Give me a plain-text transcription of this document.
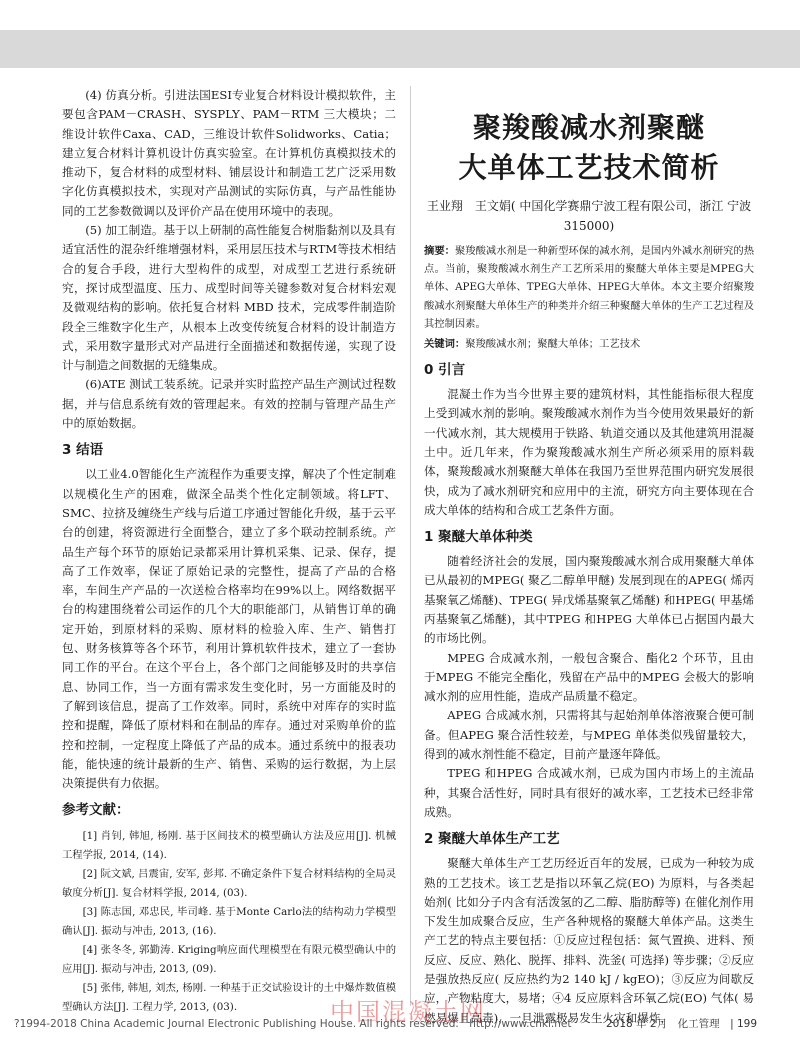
(4) 仿真分析。引进法国ESI专业复合材料设计模拟软件，主要包含PAM－CRASH、SYSPLY、PAM－RTM 三大模块；二维设计软件Caxa、CAD，三维设计软件Solidworks、Catia；建立复合材料计算机设计仿真实验室。在计算机仿真模拟技术的推动下，复合材料的成型材料、铺层设计和制造工艺广泛采用数字化仿真模拟技术，实现对产品测试的实际仿真，与产品性能协同的工艺参数微调以及评价产品在使用环境中的表现。

(5) 加工制造。基于以上研制的高性能复合树脂黏剂以及具有适宜活性的混杂纤维增强材料，采用层压技术与RTM等技术相结合的复合手段，进行大型构件的成型，对成型工艺进行系统研究，探讨成型温度、压力、成型时间等关键参数对复合材料宏观及微观结构的影响。依托复合材料 MBD 技术，完成零件制造阶段全三维数字化生产，从根本上改变传统复合材料的设计制造方式，采用数字量形式对产品进行全面描述和数据传递，实现了设计与制造之间数据的无缝集成。

(6)ATE 测试工装系统。记录并实时监控产品生产测试过程数据，并与信息系统有效的管理起来。有效的控制与管理产品生产中的原始数据。

3 结语

以工业4.0智能化生产流程作为重要支撑，解决了个性定制难以规模化生产的困难，做深全品类个性化定制领域。将LFT、SMC、拉挤及缠绕生产线与后道工序通过智能化升级，基于云平台的创建，将资源进行全面整合，建立了多个联动控制系统。产品生产每个环节的原始记录都采用计算机采集、记录、保存，提高了工作效率，保证了原始记录的完整性，提高了产品的合格率，车间生产产品的一次送检合格率均在99%以上。网络数据平台的构建围绕着公司运作的几个大的职能部门，从销售订单的确定开始，到原材料的采购、原材料的检验入库、生产、销售打包、财务核算等各个环节，利用计算机软件技术，建立了一套协同工作的平台。在这个平台上，各个部门之间能够及时的共享信息、协同工作，当一方面有需求发生变化时，另一方面能及时的了解到该信息，提高了工作效率。同时，系统中对库存的实时监控和提醒，降低了原材料和在制品的库存。通过对采购单价的监控和控制，一定程度上降低了产品的成本。通过系统中的报表功能，能快速的统计最新的生产、销售、采购的运行数据，为上层决策提供有力依据。

参考文献：

[1] 肖钊, 韩旭, 杨刚. 基于区间技术的模型确认方法及应用[J]. 机械工程学报, 2014, (14).

[2] 阮文斌, 吕震宙, 安军, 彭邦. 不确定条件下复合材料结构的全局灵敏度分析[J]. 复合材料学报, 2014, (03).

[3] 陈志国, 邓忠民, 毕司峰. 基于Monte Carlo法的结构动力学模型确认[J]. 振动与冲击, 2013, (16).

[4] 张冬冬, 郭勤涛. Kriging响应面代理模型在有限元模型确认中的应用[J]. 振动与冲击, 2013, (09).

[5] 张伟, 韩旭, 刘杰, 杨刚. 一种基于正交试验设计的土中爆炸数值模型确认方法[J]. 工程力学, 2013, (03).

聚羧酸减水剂聚醚
大单体工艺技术简析
王业翔　王文娟( 中国化学赛鼎宁波工程有限公司，浙江 宁波 315000)
摘要：聚羧酸减水剂是一种新型环保的减水剂，是国内外减水剂研究的热点。当前，聚羧酸减水剂生产工艺所采用的聚醚大单体主要是MPEG大单体、APEG大单体、TPEG大单体、HPEG大单体。本文主要介绍聚羧酸减水剂聚醚大单体生产的种类并介绍三种聚醚大单体的生产工艺过程及其控制因素。
关键词：聚羧酸减水剂；聚醚大单体；工艺技术
0 引言

混凝土作为当今世界主要的建筑材料，其性能指标很大程度上受到减水剂的影响。聚羧酸减水剂作为当今使用效果最好的新一代减水剂，其大规模用于铁路、轨道交通以及其他建筑用混凝土中。近几年来，作为聚羧酸减水剂生产所必须采用的原料载体，聚羧酸减水剂聚醚大单体在我国乃至世界范围内研究发展很快，成为了减水剂研究和应用中的主流，研究方向主要体现在合成大单体的结构和合成工艺条件方面。

1 聚醚大单体种类

随着经济社会的发展，国内聚羧酸减水剂合成用聚醚大单体已从最初的MPEG( 聚乙二醇单甲醚) 发展到现在的APEG( 烯丙基聚氧乙烯醚)、TPEG( 异戊烯基聚氧乙烯醚) 和HPEG( 甲基烯丙基聚氧乙烯醚)，其中TPEG 和HPEG 大单体已占据国内最大的市场比例。

MPEG 合成减水剂，一般包含聚合、酯化2 个环节，且由于MPEG 不能完全酯化，残留在产品中的MPEG 会极大的影响减水剂的应用性能，造成产品质量不稳定。

APEG 合成减水剂，只需将其与起始剂单体溶液聚合便可制备。但APEG 聚合活性较差，与MPEG 单体类似残留量较大，得到的减水剂性能不稳定，目前产量逐年降低。

TPEG 和HPEG 合成减水剂，已成为国内市场上的主流品种，其聚合活性好，同时具有很好的减水率，工艺技术已经非常成熟。

2 聚醚大单体生产工艺

聚醚大单体生产工艺历经近百年的发展，已成为一种较为成熟的工艺技术。该工艺是指以环氧乙烷(EO) 为原料，与各类起始剂( 比如分子内含有活泼氢的乙二醇、脂肪醇等) 在催化剂作用下发生加成聚合反应，生产各种规格的聚醚大单体产品。这类生产工艺的特点主要包括：①反应过程包括：氮气置换、进料、预反应、反应、熟化、脱挥、排料、洗釜( 可选择) 等步骤；②反应是强放热反应( 反应热约为2 140 kJ / kgEO)；③反应为间歇反应，产物粘度大，易堵；④4 反应原料含环氧乙烷(EO) 气体( 易燃易爆且高毒)，一旦泄露极易发生火灾和爆炸，

中国混凝土网
?1994-2018 China Academic Journal Electronic Publishing House. All rights reserved.　http://www.cnki.net	2018 年 2月　化工管理　| 199
